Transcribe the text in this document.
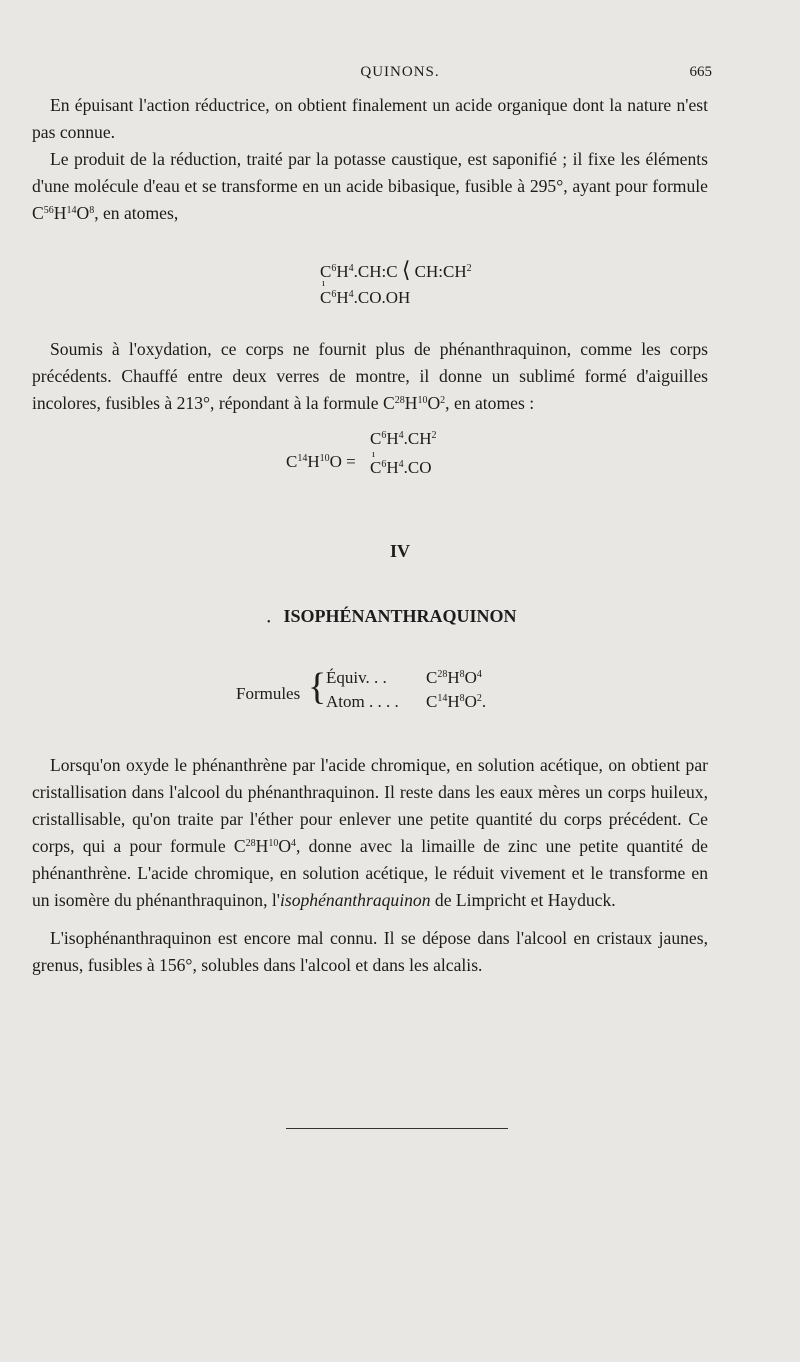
QUINONS.	665

En épuisant l'action réductrice, on obtient finalement un acide organique dont la nature n'est pas connue.

Le produit de la réduction, traité par la potasse caustique, est saponifié ; il fixe les éléments d'une molécule d'eau et se transforme en un acide bibasique, fusible à 295°, ayant pour formule $C^{56}H^{14}O^8$, en atomes,

$C^6H^4.CH:C$ ⟨ $CH:CH^2$
ı
$C^6H^4.CO.OH$

Soumis à l'oxydation, ce corps ne fournit plus de phénanthraquinon, comme les corps précédents. Chauffé entre deux verres de montre, il donne un sublimé formé d'aiguilles incolores, fusibles à 213°, répondant à la formule $C^{28}H^{10}O^2$, en atomes :

$C^{14}H^{10}O$ =
$C^6H^4.CH^2$
ı
$C^6H^4.CO$
IV
• ISOPHÉNANTHRAQUINON
Formules { Équiv. . . $C^{28}H^8O^4$
Atom . . . . $C^{14}H^8O^2$.

Lorsqu'on oxyde le phénanthrène par l'acide chromique, en solution acétique, on obtient par cristallisation dans l'alcool du phénanthraquinon. Il reste dans les eaux mères un corps huileux, cristallisable, qu'on traite par l'éther pour enlever une petite quantité du corps précédent. Ce corps, qui a pour formule $C^{28}H^{10}O^4$, donne avec la limaille de zinc une petite quantité de phénanthrène. L'acide chromique, en solution acétique, le réduit vivement et le transforme en un isomère du phénanthraquinon, l'isophénanthraquinon de Limpricht et Hayduck.

L'isophénanthraquinon est encore mal connu. Il se dépose dans l'alcool en cristaux jaunes, grenus, fusibles à 156°, solubles dans l'alcool et dans les alcalis.
